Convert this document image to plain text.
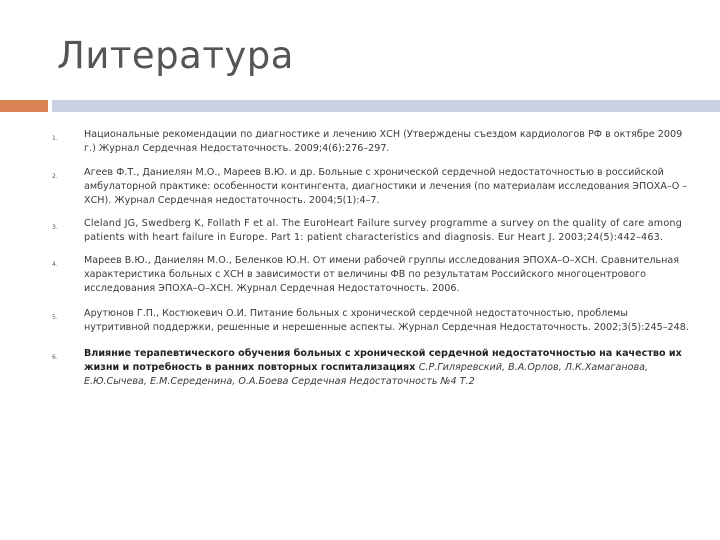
Литература
1.	Национальные рекомендации по диагностике и лечению ХСН (Утверждены съездом кардиологов РФ в октябре 2009 г.) Журнал Сердечная Недостаточность. 2009;4(6):276–297.
2.	Агеев Ф.Т., Даниелян М.О., Мареев В.Ю. и др. Больные с хронической сердечной недостаточностью в российской амбулаторной практике: особенности контингента, диагностики и лечения (по материалам исследования ЭПОХА–О –ХСН). Журнал Сердечная недостаточность. 2004;5(1):4–7.
3.	Cleland JG, Swedberg K, Follath F et al. The EuroHeart Failure survey programme a survey on the quality of care among patients with heart failure in Europe. Part 1: patient characteristics and diagnosis. Eur Heart J. 2003;24(5):442–463.
4.	Мареев В.Ю., Даниелян М.О., Беленков Ю.Н. От имени рабочей группы исследования ЭПОХА–О–ХСН. Сравнительная характеристика больных с ХСН в зависимости от величины ФВ по результатам Российского многоцентрового исследования ЭПОХА–О–ХСН. Журнал Сердечная Недостаточность. 2006.
5.	Арутюнов Г.П., Костюкевич О.И. Питание больных с хронической сердечной недостаточностью, проблемы нутритивной поддержки, решенные и нерешенные аспекты. Журнал Сердечная Недостаточность. 2002;3(5):245–248.
6.	Влияние терапевтического обучения больных с хронической сердечной недостаточностью на качество их жизни и потребность в ранних повторных госпитализациях С.Р.Гиляревский, В.А.Орлов, Л.К.Хамаганова, Е.Ю.Сычева, Е.М.Середенина, О.А.Боева Сердечная Недостаточность №4 Т.2
